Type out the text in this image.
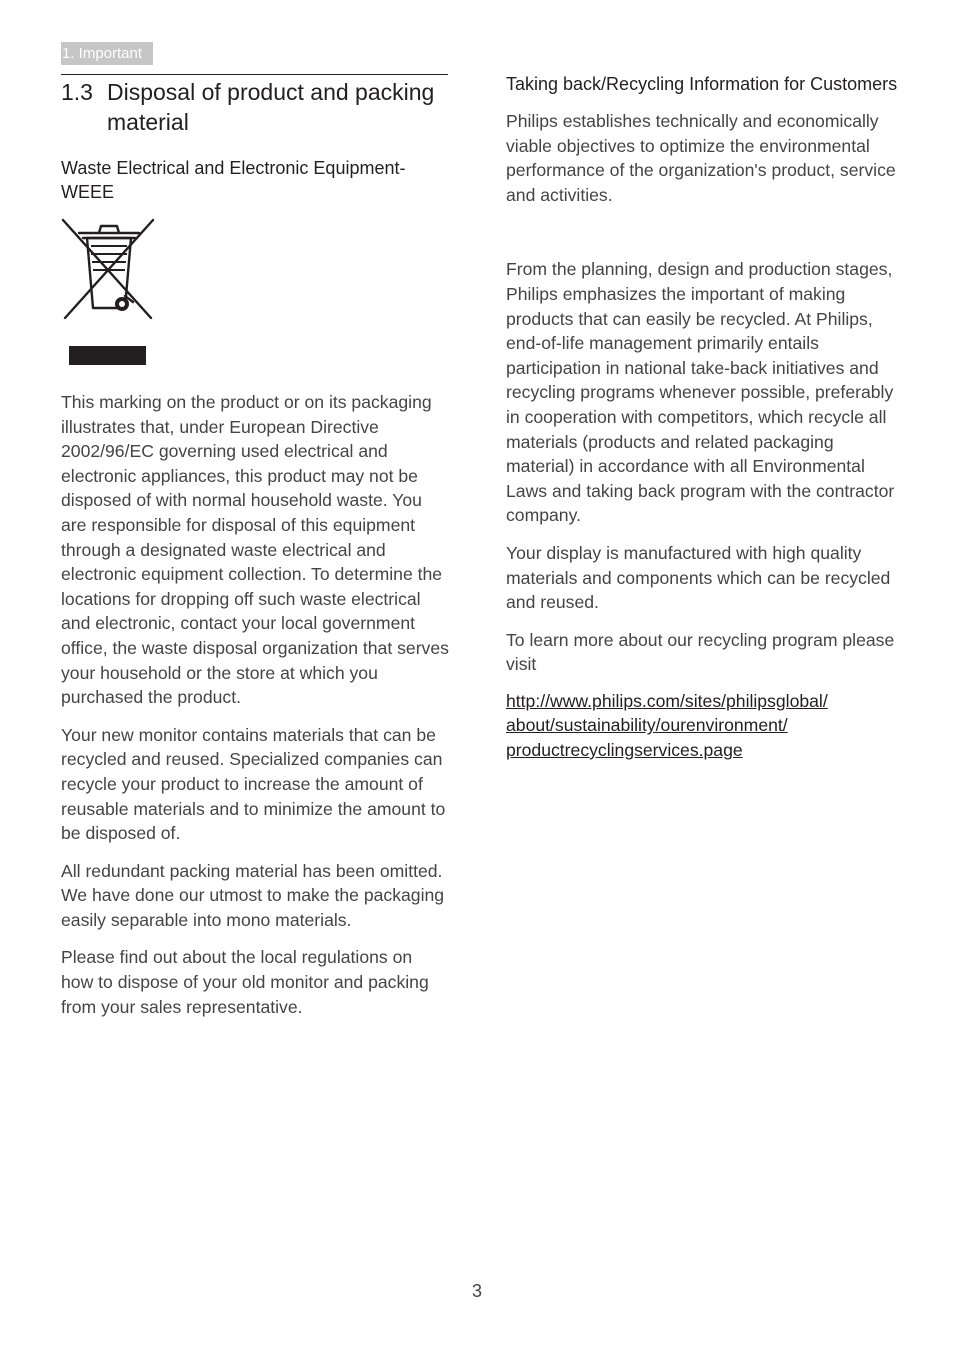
1. Important
1.3 Disposal of product and packing material
Waste Electrical and Electronic Equipment-WEEE

This marking on the product or on its packaging illustrates that, under European Directive 2002/96/EC governing used electrical and electronic appliances, this product may not be disposed of with normal household waste. You are responsible for disposal of this equipment through a designated waste electrical and electronic equipment collection. To determine the locations for dropping off such waste electrical and electronic, contact your local government office, the waste disposal organization that serves your household or the store at which you purchased the product.

Your new monitor contains materials that can be recycled and reused. Specialized companies can recycle your product to increase the amount of reusable materials and to minimize the amount to be disposed of.

All redundant packing material has been omitted. We have done our utmost to make the packaging easily separable into mono materials.

Please find out about the local regulations on how to dispose of your old monitor and packing from your sales representative.

Taking back/Recycling Information for Customers

Philips establishes technically and economically viable objectives to optimize the environmental performance of the organization's product, service and activities.

From the planning, design and production stages, Philips emphasizes the important of making products that can easily be recycled. At Philips, end-of-life management primarily entails participation in national take-back initiatives and recycling programs whenever possible, preferably in cooperation with competitors, which recycle all materials (products and related packaging material) in accordance with all Environmental Laws and taking back program with the contractor company.

Your display is manufactured with high quality materials and components which can be recycled and reused.

To learn more about our recycling program please visit

http://www.philips.com/sites/philipsglobal/
about/sustainability/ourenvironment/
productrecyclingservices.page

3
